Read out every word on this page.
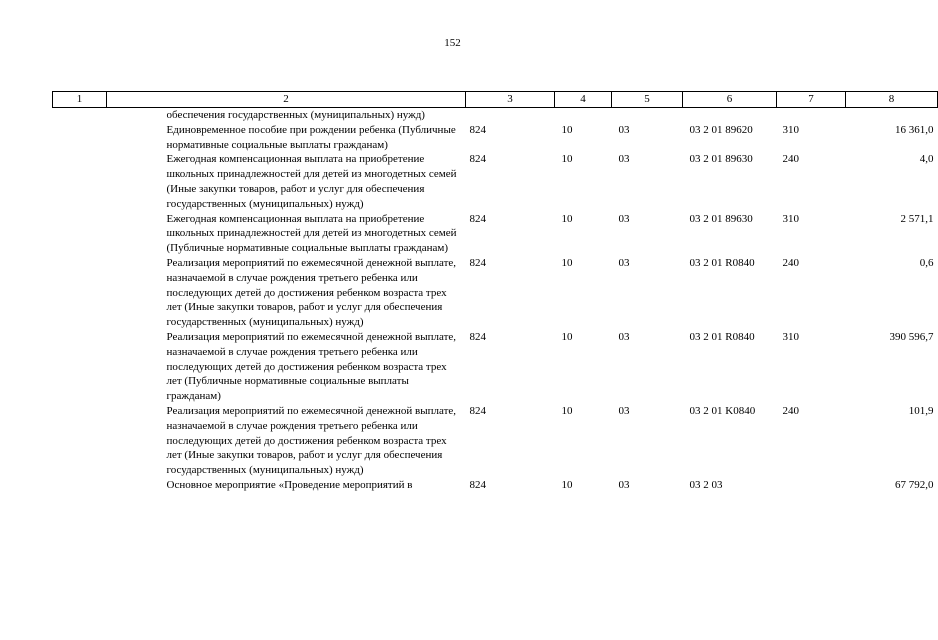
152
1	2	3	4	5	6	7	8
	обеспечения государственных (муниципальных) нужд)						
	Единовременное пособие при рождении ребенка (Публичные нормативные социальные выплаты гражданам)	824	10	03	03 2 01 89620	310	16 361,0
	Ежегодная компенсационная выплата на приобретение школьных принадлежностей для детей из многодетных семей (Иные закупки товаров, работ и услуг для обеспечения государственных (муниципальных) нужд)	824	10	03	03 2 01 89630	240	4,0
	Ежегодная компенсационная выплата на приобретение школьных принадлежностей для детей из многодетных семей (Публичные нормативные социальные выплаты гражданам)	824	10	03	03 2 01 89630	310	2 571,1
	Реализация мероприятий по ежемесячной денежной выплате, назначаемой в случае рождения третьего ребенка или последующих детей до достижения ребенком возраста трех лет (Иные закупки товаров, работ и услуг для обеспечения государственных (муниципальных) нужд)	824	10	03	03 2 01 R0840	240	0,6
	Реализация мероприятий по ежемесячной денежной выплате, назначаемой в случае рождения третьего ребенка или последующих детей до достижения ребенком возраста трех лет (Публичные нормативные социальные выплаты гражданам)	824	10	03	03 2 01 R0840	310	390 596,7
	Реализация мероприятий по ежемесячной денежной выплате, назначаемой в случае рождения третьего ребенка или последующих детей до достижения ребенком возраста трех лет (Иные закупки товаров, работ и услуг для обеспечения государственных (муниципальных) нужд)	824	10	03	03 2 01 K0840	240	101,9
	Основное мероприятие «Проведение мероприятий в	824	10	03	03 2 03		67 792,0
